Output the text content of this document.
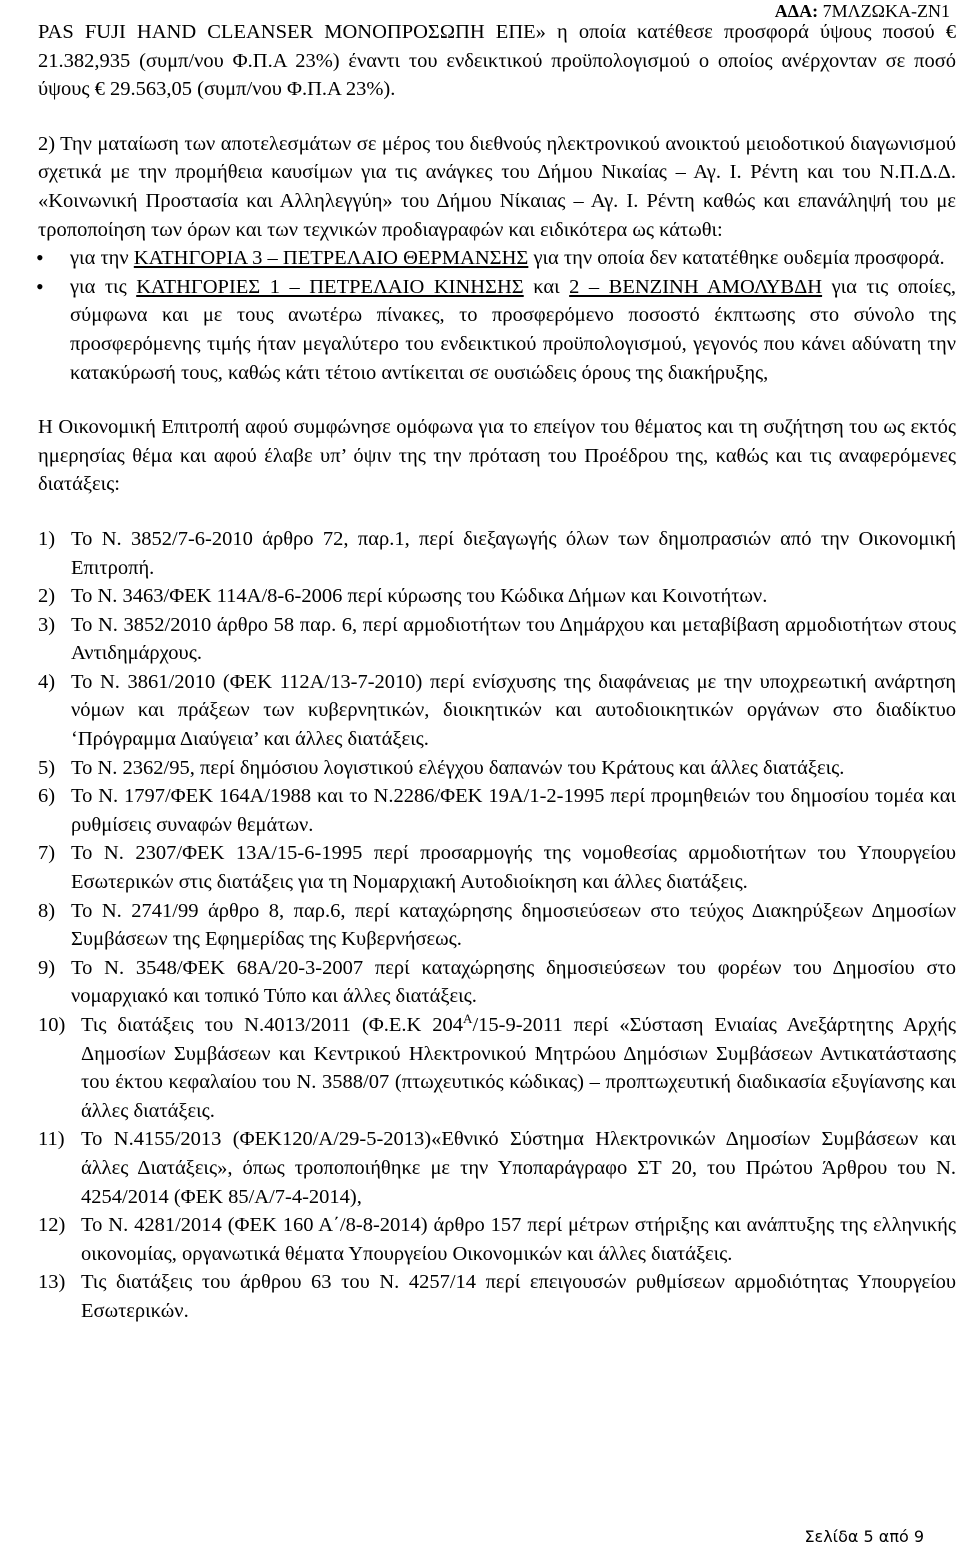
ΑΔΑ: 7ΜΛΖΩΚΑ-ΖΝ1

PAS FUJI HAND CLEANSER ΜΟΝΟΠΡΟΣΩΠΗ ΕΠΕ» η οποία κατέθεσε προσφορά ύψους ποσού € 21.382,935 (συμπ/νου Φ.Π.Α 23%) έναντι του ενδεικτικού προϋπολογισμού ο οποίος ανέρχονταν σε ποσό ύψους € 29.563,05 (συμπ/νου Φ.Π.Α 23%).

2) Την ματαίωση των αποτελεσμάτων σε μέρος του διεθνούς ηλεκτρονικού ανοικτού μειοδοτικού διαγωνισμού σχετικά με την προμήθεια καυσίμων για τις ανάγκες του Δήμου Νικαίας – Αγ. Ι. Ρέντη και του Ν.Π.Δ.Δ. «Κοινωνική Προστασία και Αλληλεγγύη» του Δήμου Νίκαιας – Αγ. Ι. Ρέντη καθώς και επανάληψή του με τροποποίηση των όρων και των τεχνικών προδιαγραφών και ειδικότερα ως κάτωθι:

• για την ΚΑΤΗΓΟΡΙΑ 3 – ΠΕΤΡΕΛΑΙΟ ΘΕΡΜΑΝΣΗΣ για την οποία δεν κατατέθηκε ουδεμία προσφορά.
• για τις ΚΑΤΗΓΟΡΙΕΣ 1 – ΠΕΤΡΕΛΑΙΟ ΚΙΝΗΣΗΣ και 2 – ΒΕΝΖΙΝΗ ΑΜΟΛΥΒΔΗ για τις οποίες, σύμφωνα και με τους ανωτέρω πίνακες, το προσφερόμενο ποσοστό έκπτωσης στο σύνολο της προσφερόμενης τιμής ήταν μεγαλύτερο του ενδεικτικού προϋπολογισμού, γεγονός που κάνει αδύνατη την κατακύρωσή τους, καθώς κάτι τέτοιο αντίκειται σε ουσιώδεις όρους της διακήρυξης,

Η Οικονομική Επιτροπή αφού συμφώνησε ομόφωνα για το επείγον του θέματος και τη συζήτηση του ως εκτός ημερησίας θέμα και αφού έλαβε υπ’ όψιν της την πρόταση του Προέδρου της, καθώς και τις αναφερόμενες διατάξεις:

1) Το Ν. 3852/7-6-2010 άρθρο 72, παρ.1, περί διεξαγωγής όλων των δημοπρασιών από την Οικονομική Επιτροπή.
2) Το Ν. 3463/ΦΕΚ 114Α/8-6-2006 περί κύρωσης του Κώδικα Δήμων και Κοινοτήτων.
3) Το Ν. 3852/2010 άρθρο 58 παρ. 6, περί αρμοδιοτήτων του Δημάρχου και μεταβίβαση αρμοδιοτήτων στους Αντιδημάρχους.
4) Το Ν. 3861/2010 (ΦΕΚ 112Α/13-7-2010) περί ενίσχυσης της διαφάνειας με την υποχρεωτική ανάρτηση νόμων και πράξεων των κυβερνητικών, διοικητικών και αυτοδιοικητικών οργάνων στο διαδίκτυο ‘Πρόγραμμα Διαύγεια’ και άλλες διατάξεις.
5) Το Ν. 2362/95, περί δημόσιου λογιστικού ελέγχου δαπανών του Κράτους και άλλες διατάξεις.
6) Το Ν. 1797/ΦΕΚ 164Α/1988 και το Ν.2286/ΦΕΚ 19Α/1-2-1995 περί προμηθειών του δημοσίου τομέα και ρυθμίσεις συναφών θεμάτων.
7) Το Ν. 2307/ΦΕΚ 13Α/15-6-1995 περί προσαρμογής της νομοθεσίας αρμοδιοτήτων του Υπουργείου Εσωτερικών στις διατάξεις για τη Νομαρχιακή Αυτοδιοίκηση και άλλες διατάξεις.
8) Το Ν. 2741/99 άρθρο 8, παρ.6, περί καταχώρησης δημοσιεύσεων στο τεύχος Διακηρύξεων Δημοσίων Συμβάσεων της Εφημερίδας της Κυβερνήσεως.
9) Το Ν. 3548/ΦΕΚ 68Α/20-3-2007 περί καταχώρησης δημοσιεύσεων του φορέων του Δημοσίου στο νομαρχιακό και τοπικό Τύπο και άλλες διατάξεις.
10) Τις διατάξεις του Ν.4013/2011 (Φ.Ε.Κ $204^A/15-9-2011$ περί «Σύσταση Ενιαίας Ανεξάρτητης Αρχής Δημοσίων Συμβάσεων και Κεντρικού Ηλεκτρονικού Μητρώου Δημόσιων Συμβάσεων Αντικατάστασης του έκτου κεφαλαίου του Ν. 3588/07 (πτωχευτικός κώδικας) – προπτωχευτική διαδικασία εξυγίανσης και άλλες διατάξεις.
11) Το Ν.4155/2013 (ΦΕΚ120/Α/29-5-2013)«Εθνικό Σύστημα Ηλεκτρονικών Δημοσίων Συμβάσεων και άλλες Διατάξεις», όπως τροποποιήθηκε με την Υποπαράγραφο ΣΤ 20, του Πρώτου Άρθρου του Ν. 4254/2014 (ΦΕΚ 85/Α/7-4-2014),
12) Το Ν. 4281/2014 (ΦΕΚ 160 Α΄/8-8-2014) άρθρο 157 περί μέτρων στήριξης και ανάπτυξης της ελληνικής οικονομίας, οργανωτικά θέματα Υπουργείου Οικονομικών και άλλες διατάξεις.
13) Τις διατάξεις του άρθρου 63 του Ν. 4257/14 περί επειγουσών ρυθμίσεων αρμοδιότητας Υπουργείου Εσωτερικών.
Σελίδα 5 από 9
